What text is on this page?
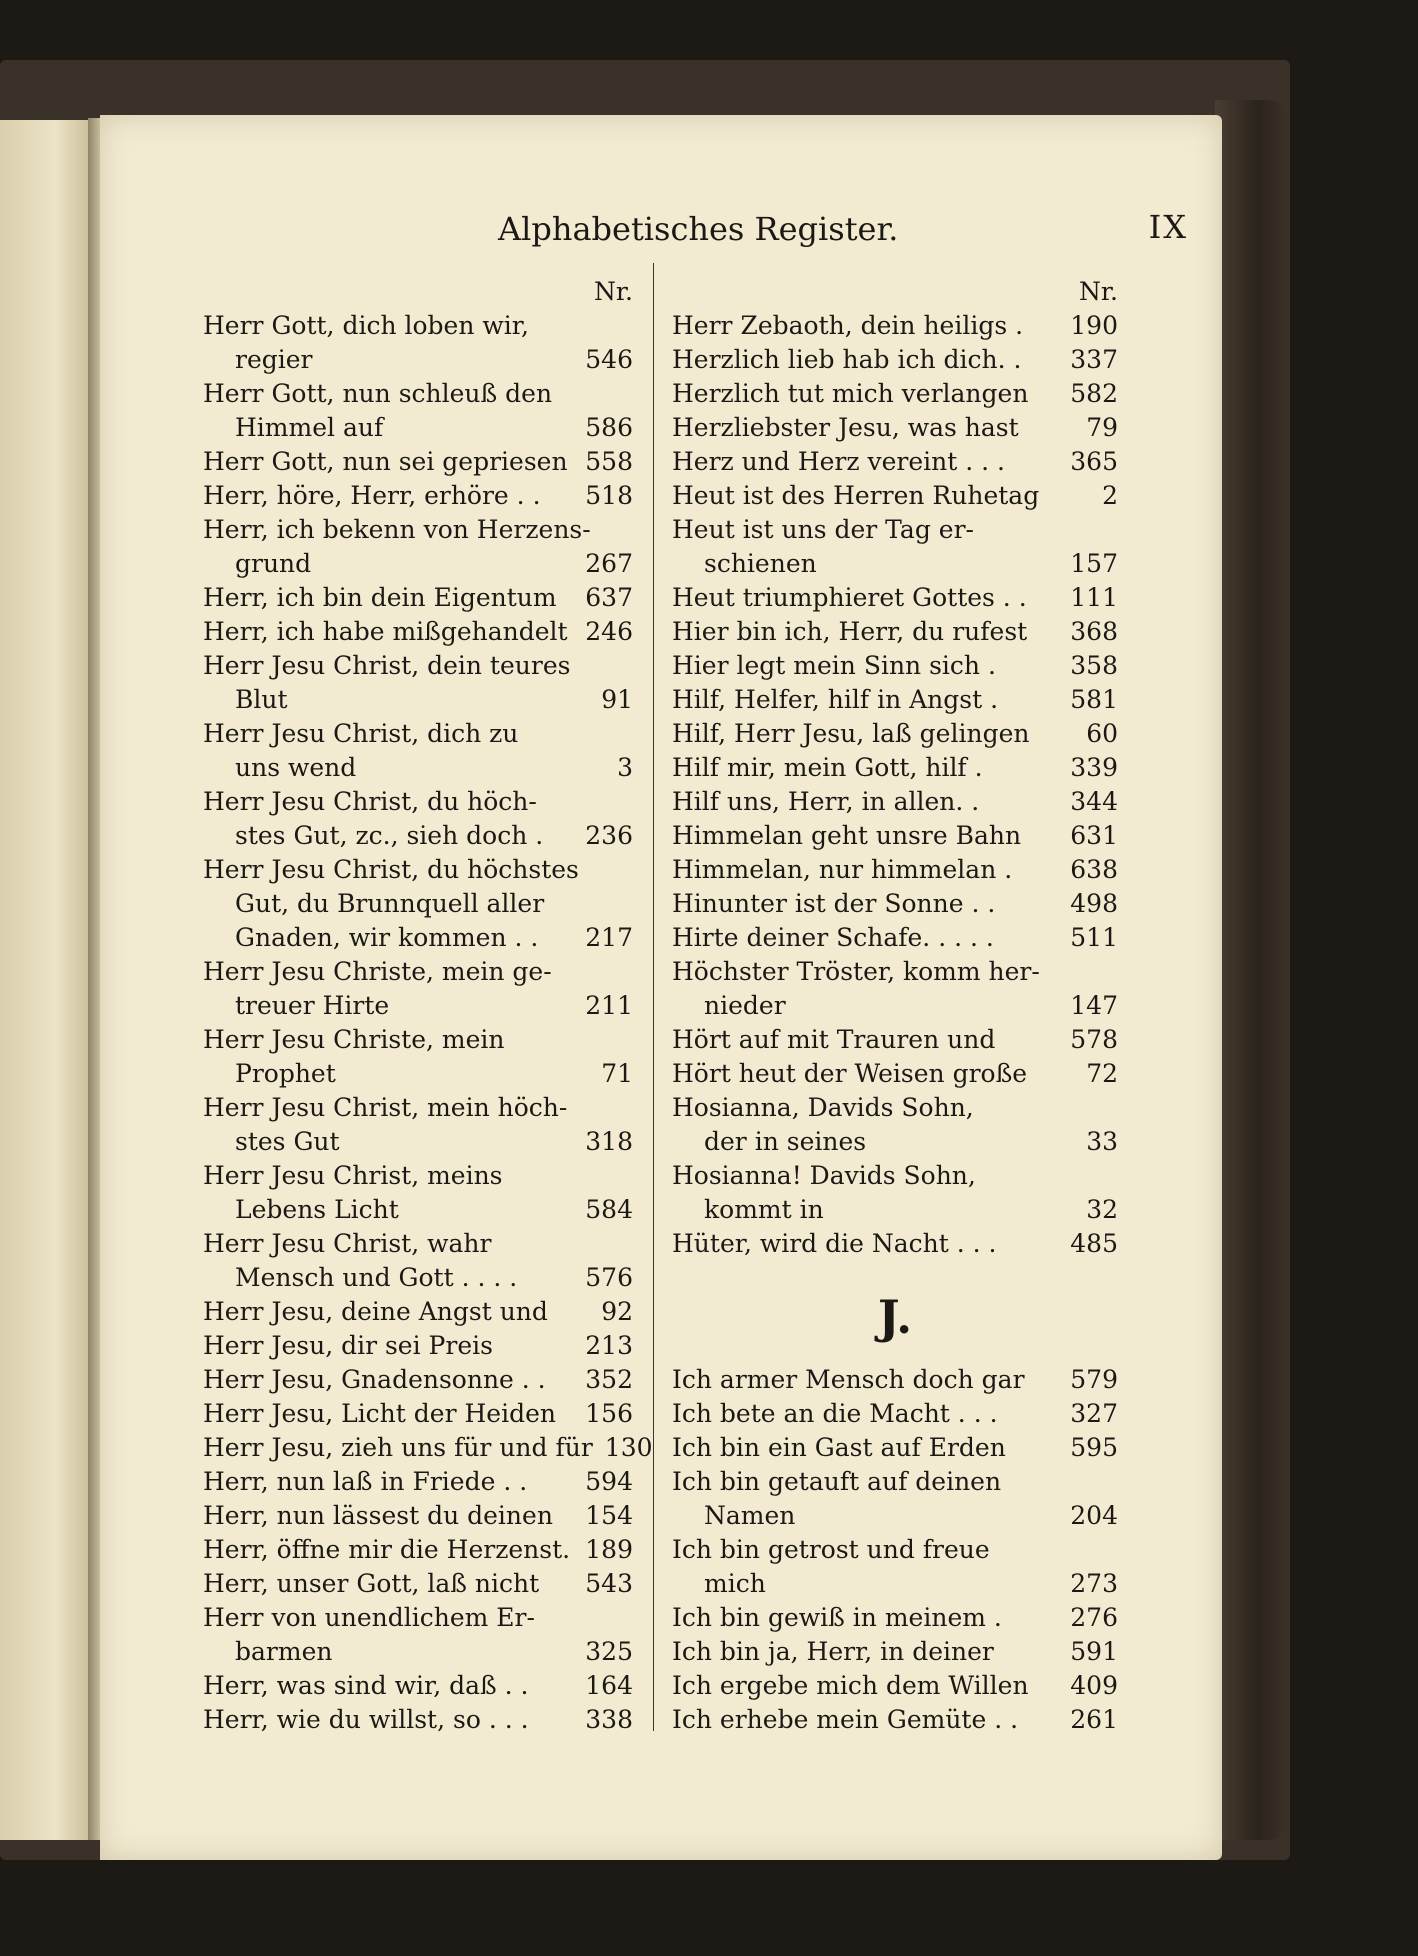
Alphabetisches Register.	IX
Nr.
Herr Gott, dich loben wir,
regier	546
Herr Gott, nun schleuß den
Himmel auf	586
Herr Gott, nun sei gepriesen 558
Herr, höre, Herr, erhöre . . 518
Herr, ich bekenn von Herzens-
grund	267
Herr, ich bin dein Eigentum 637
Herr, ich habe mißgehandelt 246
Herr Jesu Christ, dein teures
Blut	91
Herr Jesu Christ, dich zu
uns wend	3
Herr Jesu Christ, du höch-
stes Gut, zc., sieh doch . 236
Herr Jesu Christ, du höchstes
Gut, du Brunnquell aller
Gnaden, wir kommen . . 217
Herr Jesu Christe, mein ge-
treuer Hirte	211
Herr Jesu Christe, mein
Prophet	71
Herr Jesu Christ, mein höch-
stes Gut	318
Herr Jesu Christ, meins
Lebens Licht	584
Herr Jesu Christ, wahr
Mensch und Gott . . . .	576
Herr Jesu, deine Angst und	92
Herr Jesu, dir sei Preis	213
Herr Jesu, Gnadensonne . . 352
Herr Jesu, Licht der Heiden 156
Herr Jesu, zieh uns für und für 130
Herr, nun laß in Friede . . 594
Herr, nun lässest du deinen 154
Herr, öffne mir die Herzenst. 189
Herr, unser Gott, laß nicht 543
Herr von unendlichem Er-
barmen	325
Herr, was sind wir, daß . . 164
Herr, wie du willst, so . . . 338
Nr.
Herr Zebaoth, dein heiligs . 190
Herzlich lieb hab ich dich. . 337
Herzlich tut mich verlangen 582
Herzliebster Jesu, was hast	79
Herz und Herz vereint . . .	365
Heut ist des Herren Ruhetag	2
Heut ist uns der Tag er-
schienen	157
Heut triumphieret Gottes . . 111
Hier bin ich, Herr, du rufest 368
Hier legt mein Sinn sich .	358
Hilf, Helfer, hilf in Angst .	581
Hilf, Herr Jesu, laß gelingen	60
Hilf mir, mein Gott, hilf .	339
Hilf uns, Herr, in allen. .	344
Himmelan geht unsre Bahn 631
Himmelan, nur himmelan . 638
Hinunter ist der Sonne . .	498
Hirte deiner Schafe. . . . .	511
Höchster Tröster, komm her-
nieder	147
Hört auf mit Trauren und	578
Hört heut der Weisen große	72
Hosianna, Davids Sohn,
der in seines	33
Hosianna! Davids Sohn,
kommt in	32
Hüter, wird die Nacht . . .	485
J.
Ich armer Mensch doch gar 579
Ich bete an die Macht . . .	327
Ich bin ein Gast auf Erden	595
Ich bin getauft auf deinen
Namen	204
Ich bin getrost und freue
mich	273
Ich bin gewiß in meinem .	276
Ich bin ja, Herr, in deiner	591
Ich ergebe mich dem Willen 409
Ich erhebe mein Gemüte . . 261
